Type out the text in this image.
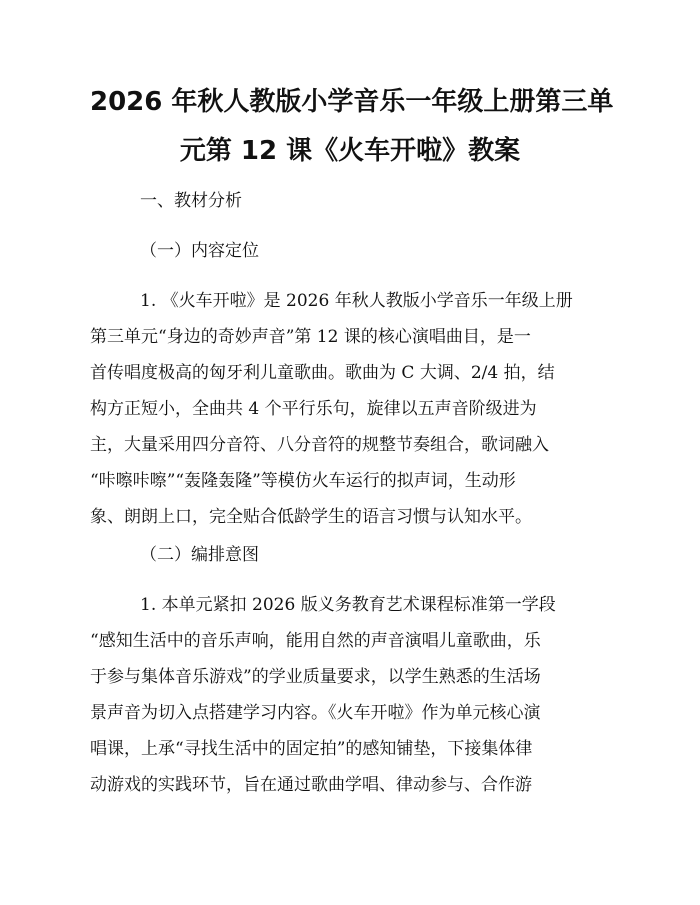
2026 年秋人教版小学音乐一年级上册第三单
元第 12 课《火车开啦》教案

一、教材分析

（一）内容定位

1. 《火车开啦》是 2026 年秋人教版小学音乐一年级上册

第三单元“身边的奇妙声音”第 12 课的核心演唱曲目，是一

首传唱度极高的匈牙利儿童歌曲。歌曲为 C 大调、2/4 拍，结

构方正短小，全曲共 4 个平行乐句，旋律以五声音阶级进为

主，大量采用四分音符、八分音符的规整节奏组合，歌词融入

“咔嚓咔嚓”“轰隆轰隆”等模仿火车运行的拟声词，生动形

象、朗朗上口，完全贴合低龄学生的语言习惯与认知水平。

（二）编排意图

1. 本单元紧扣 2026 版义务教育艺术课程标准第一学段

“感知生活中的音乐声响，能用自然的声音演唱儿童歌曲，乐

于参与集体音乐游戏”的学业质量要求，以学生熟悉的生活场

景声音为切入点搭建学习内容。《火车开啦》作为单元核心演

唱课，上承“寻找生活中的固定拍”的感知铺垫，下接集体律

动游戏的实践环节，旨在通过歌曲学唱、律动参与、合作游
